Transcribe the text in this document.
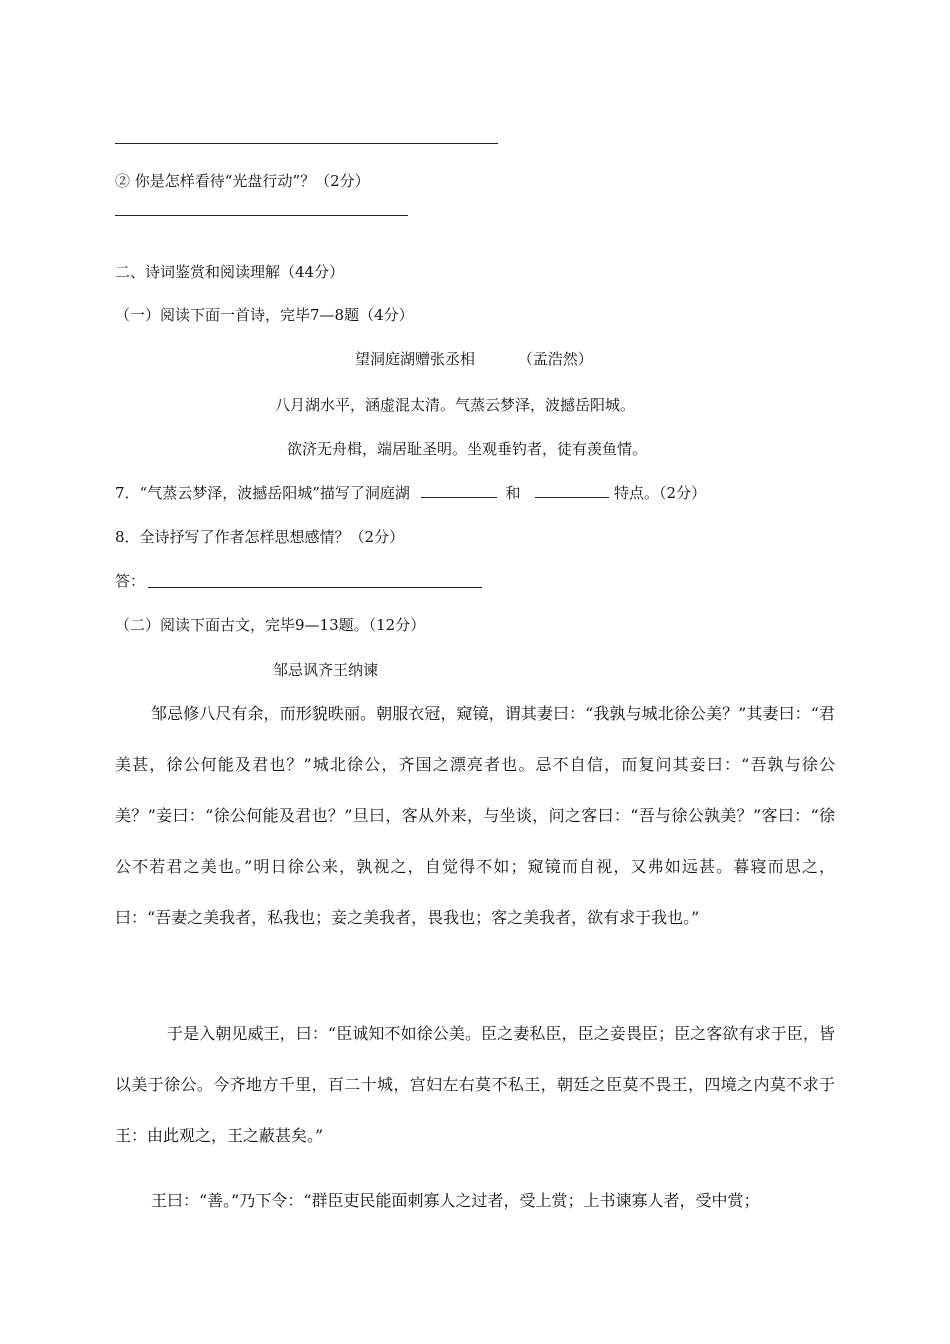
② 你是怎样看待“光盘行动”？（2分）
二、诗词鉴赏和阅读理解（44分）
（一）阅读下面一首诗，完毕7—8题（4分）
望洞庭湖赠张丞相	（孟浩然）
八月湖水平，涵虚混太清。气蒸云梦泽，波撼岳阳城。
欲济无舟楫，端居耻圣明。坐观垂钓者，徒有羡鱼情。
7．“气蒸云梦泽，波撼岳阳城”描写了洞庭湖	和	特点。（2分）
8．全诗抒写了作者怎样思想感情？（2分）
答：
（二）阅读下面古文，完毕9—13题。（12分）
邹忌讽齐王纳谏
邹忌修八尺有余，而形貌昳丽。朝服衣冠，窥镜，谓其妻曰：“我孰与城北徐公美？”其妻曰：“君美甚，徐公何能及君也？”城北徐公，齐国之漂亮者也。忌不自信，而复问其妾曰：“吾孰与徐公美？”妾曰：“徐公何能及君也？”旦曰，客从外来，与坐谈，问之客曰：“吾与徐公孰美？”客曰：“徐公不若君之美也。”明日徐公来，孰视之，自觉得不如；窥镜而自视，又弗如远甚。暮寝而思之，曰：“吾妻之美我者，私我也；妾之美我者，畏我也；客之美我者，欲有求于我也。”
于是入朝见威王，曰：“臣诚知不如徐公美。臣之妻私臣，臣之妾畏臣；臣之客欲有求于臣，皆以美于徐公。今齐地方千里，百二十城，宫妇左右莫不私王，朝廷之臣莫不畏王，四境之内莫不求于王：由此观之，王之蔽甚矣。”
王曰：“善。”乃下令：“群臣吏民能面刺寡人之过者，受上赏；上书谏寡人者，受中赏；
